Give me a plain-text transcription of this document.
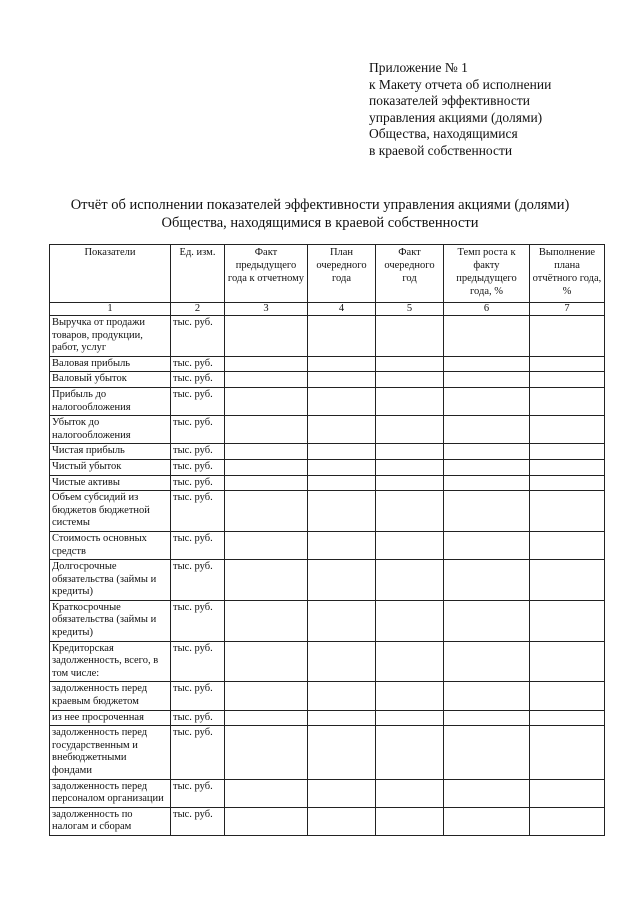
Приложение № 1
к Макету отчета об исполнении
показателей эффективности
управления акциями (долями)
Общества, находящимися
в краевой собственности
Отчёт об исполнении показателей эффективности управления акциями (долями)
Общества, находящимися в краевой собственности
Показатели	Ед. изм.	Факт предыдущего года к отчетному	План очередного года	Факт очередного год	Темп роста к факту предыдущего года, %	Выполнение плана отчётного года, %
1	2	3	4	5	6	7
Выручка от продажи товаров, продукции, работ, услуг	тыс. руб.					
Валовая прибыль	тыс. руб.					
Валовый убыток	тыс. руб.					
Прибыль до налогообложения	тыс. руб.					
Убыток до налогообложения	тыс. руб.					
Чистая прибыль	тыс. руб.					
Чистый убыток	тыс. руб.					
Чистые активы	тыс. руб.					
Объем субсидий из бюджетов бюджетной системы	тыс. руб.					
Стоимость основных средств	тыс. руб.					
Долгосрочные обязательства (займы и кредиты)	тыс. руб.					
Краткосрочные обязательства (займы и кредиты)	тыс. руб.					
Кредиторская задолженность, всего, в том числе:	тыс. руб.					
задолженность перед краевым бюджетом	тыс. руб.					
из нее просроченная	тыс. руб.					
задолженность перед государственным и внебюджетными фондами	тыс. руб.					
задолженность перед персоналом организации	тыс. руб.					
задолженность по налогам и сборам	тыс. руб.					
